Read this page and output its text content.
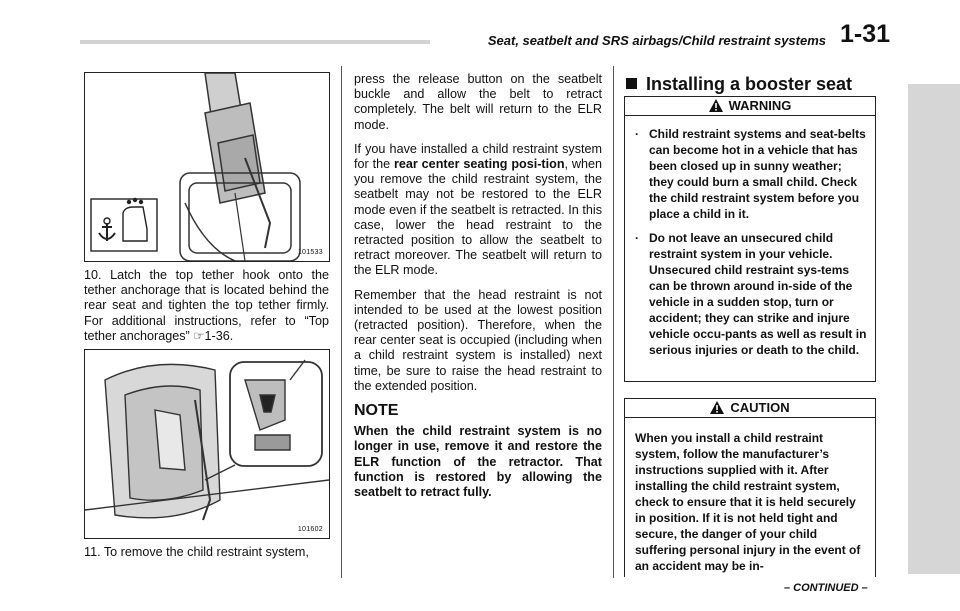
Seat, seatbelt and SRS airbags/Child restraint systems 1-31
101533
10. Latch the top tether hook onto the tether anchorage that is located behind the rear seat and tighten the top tether firmly. For additional instructions, refer to “Top tether anchorages” ☞1-36.
101602
11. To remove the child restraint system,

press the release button on the seatbelt buckle and allow the belt to retract completely. The belt will return to the ELR mode.

If you have installed a child restraint system for the rear center seating posi-tion, when you remove the child restraint system, the seatbelt may not be restored to the ELR mode even if the seatbelt is retracted. In this case, lower the head restraint to the retracted position to allow the seatbelt to retract moreover. The seatbelt will return to the ELR mode.

Remember that the head restraint is not intended to be used at the lowest position (retracted position). Therefore, when the rear center seat is occupied (including when a child restraint system is installed) next time, be sure to raise the head restraint to the extended position.

NOTE

When the child restraint system is no longer in use, remove it and restore the ELR function of the retractor. That function is restored by allowing the seatbelt to retract fully.

Installing a booster seat
WARNING
. Child restraint systems and seat-belts can become hot in a vehicle that has been closed up in sunny weather; they could burn a small child. Check the child restraint system before you place a child in it.
. Do not leave an unsecured child restraint system in your vehicle. Unsecured child restraint sys-tems can be thrown around in-side of the vehicle in a sudden stop, turn or accident; they can strike and injure vehicle occu-pants as well as result in serious injuries or death to the child.
CAUTION
When you install a child restraint system, follow the manufacturer’s instructions supplied with it. After installing the child restraint system, check to ensure that it is held securely in position. If it is not held tight and secure, the danger of your child suffering personal injury in the event of an accident may be in-
– CONTINUED –
